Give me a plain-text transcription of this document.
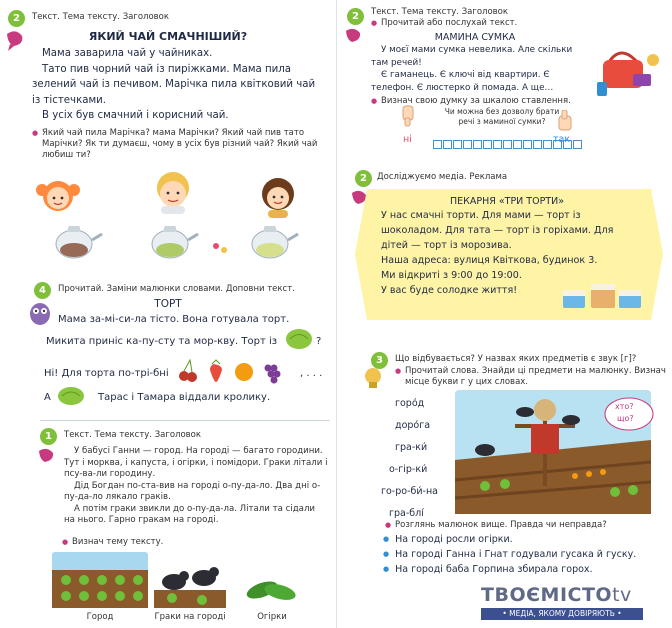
2	Текст. Тема тексту. Заголовок
ЯКИЙ ЧАЙ СМАЧНІШИЙ?

Мама заварила чай у чайниках.

Тато пив чорний чай із пиріжками. Мама пила зелений чай із печивом. Марічка пила квітковий чай із тістечками.

В усіх був смачний і корисний чай.

● Який чай пила Марічка? мама Марічки? Який чай пив тато Марічки? Як ти думаєш, чому в усіх був різний чай? Який чай любиш ти?
4	Прочитай. Заміни малюнки словами. Доповни текст.
ТОРТ
Мама за-мі-си-ла тісто. Вона готувала торт.
Микита приніс ка-пу-сту та мор-кву. Торт із	?
Ні! Для торта по-трі-бні	, . . .
А	Тарас і Тамара віддали кролику.
1	Текст. Тема тексту. Заголовок

У бабусі Ганни — город. На городі — багато городини. Тут і морква, і капуста, і огірки, і помідори. Граки літали і псу-ва-ли городину.

Дід Богдан по-ста-вив на городі о-пу-да-ло. Два дні о-пу-да-ло лякало граків.

А потім граки звикли до о-пу-да-ла. Літали та сідали на нього. Гарно гракам на городі.

● Визнач тему тексту.
Город	Граки на городі	Огірки
2	Текст. Тема тексту. Заголовок
● Прочитай або послухай текст.
МАМИНА СУМКА

У моєї мами сумка невелика. Але скільки там речей!

Є гаманець. Є ключі від квартири. Є телефон. Є люстерко й помада. А ще…

● Визнач свою думку за шкалою ставлення.
Чи можна без дозволу брати речі з маминої сумки?
ні	так
2	Досліджуємо медіа. Реклама
ПЕКАРНЯ «ТРИ ТОРТИ»

У нас смачні торти. Для мами — торт із шоколадом. Для тата — торт із горіхами. Для дітей — торт із морозива.

Наша адреса: вулиця Квіткова, будинок 3.

Ми відкриті з 9:00 до 19:00.

У вас буде солодке життя!

3	Що відбувається? У назвах яких предметів є звук [г]?
● Прочитай слова. Знайди ці предмети на малюнку. Визнач місце букви г у цих словах.
горо́д
доро́га
гра-ки́
о-гір-ки́
го-ро-би́-на
гра-блі́
хто?
що?
● Розглянь малюнок вище. Правда чи неправда?
● На городі росли огірки.
● На городі Ганна і Гнат годували гусака й гуску.
● На городі баба Горпина збирала горох.
ТВОЄМІСТОtv
• МЕДІА, ЯКОМУ ДОВІРЯЮТЬ •
